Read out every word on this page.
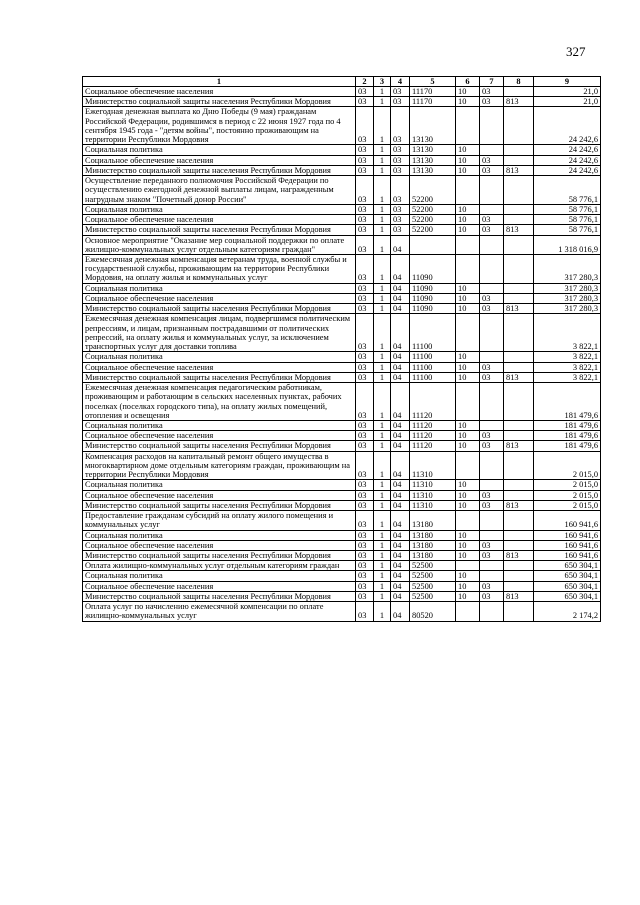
327
1	2	3	4	5	6	7	8	9
Социальное обеспечение населения	03	1	03	11170	10	03		21,0
Министерство социальной защиты населения Республики Мордовия	03	1	03	11170	10	03	813	21,0
Ежегодная денежная выплата ко Дню Победы (9 мая) гражданам Российской Федерации, родившимся в период с 22 июня 1927 года по 4 сентября 1945 года - "детям войны", постоянно проживающим на территории Республики Мордовия	03	1	03	13130				24 242,6
Социальная политика	03	1	03	13130	10			24 242,6
Социальное обеспечение населения	03	1	03	13130	10	03		24 242,6
Министерство социальной защиты населения Республики Мордовия	03	1	03	13130	10	03	813	24 242,6
Осуществление переданного полномочия Российской Федерации по осуществлению ежегодной денежной выплаты лицам, награжденным нагрудным знаком "Почетный донор России"	03	1	03	52200				58 776,1
Социальная политика	03	1	03	52200	10			58 776,1
Социальное обеспечение населения	03	1	03	52200	10	03		58 776,1
Министерство социальной защиты населения Республики Мордовия	03	1	03	52200	10	03	813	58 776,1
Основное мероприятие "Оказание мер социальной поддержки по оплате жилищно-коммунальных услуг отдельным категориям граждан"	03	1	04					1 318 016,9
Ежемесячная денежная компенсация ветеранам труда, военной службы и государственной службы, проживающим на территории Республики Мордовия, на оплату жилья и коммунальных услуг	03	1	04	11090				317 280,3
Социальная политика	03	1	04	11090	10			317 280,3
Социальное обеспечение населения	03	1	04	11090	10	03		317 280,3
Министерство социальной защиты населения Республики Мордовия	03	1	04	11090	10	03	813	317 280,3
Ежемесячная денежная компенсация лицам, подвергшимся политическим репрессиям, и лицам, признанным пострадавшими от политических репрессий, на оплату жилья и коммунальных услуг, за исключением транспортных услуг для доставки топлива	03	1	04	11100				3 822,1
Социальная политика	03	1	04	11100	10			3 822,1
Социальное обеспечение населения	03	1	04	11100	10	03		3 822,1
Министерство социальной защиты населения Республики Мордовия	03	1	04	11100	10	03	813	3 822,1
Ежемесячная денежная компенсация педагогическим работникам, проживающим и работающим в сельских населенных пунктах, рабочих поселках (поселках городского типа), на оплату жилых помещений, отопления и освещения	03	1	04	11120				181 479,6
Социальная политика	03	1	04	11120	10			181 479,6
Социальное обеспечение населения	03	1	04	11120	10	03		181 479,6
Министерство социальной защиты населения Республики Мордовия	03	1	04	11120	10	03	813	181 479,6
Компенсация расходов на капитальный ремонт общего имущества в многоквартирном доме отдельным категориям граждан, проживающим на территории Республики Мордовия	03	1	04	11310				2 015,0
Социальная политика	03	1	04	11310	10			2 015,0
Социальное обеспечение населения	03	1	04	11310	10	03		2 015,0
Министерство социальной защиты населения Республики Мордовия	03	1	04	11310	10	03	813	2 015,0
Предоставление гражданам субсидий на оплату жилого помещения и коммунальных услуг	03	1	04	13180				160 941,6
Социальная политика	03	1	04	13180	10			160 941,6
Социальное обеспечение населения	03	1	04	13180	10	03		160 941,6
Министерство социальной защиты населения Республики Мордовия	03	1	04	13180	10	03	813	160 941,6
Оплата жилищно-коммунальных услуг отдельным категориям граждан	03	1	04	52500				650 304,1
Социальная политика	03	1	04	52500	10			650 304,1
Социальное обеспечение населения	03	1	04	52500	10	03		650 304,1
Министерство социальной защиты населения Республики Мордовия	03	1	04	52500	10	03	813	650 304,1
Оплата услуг по начислению ежемесячной компенсации по оплате жилищно-коммунальных услуг	03	1	04	80520				2 174,2
